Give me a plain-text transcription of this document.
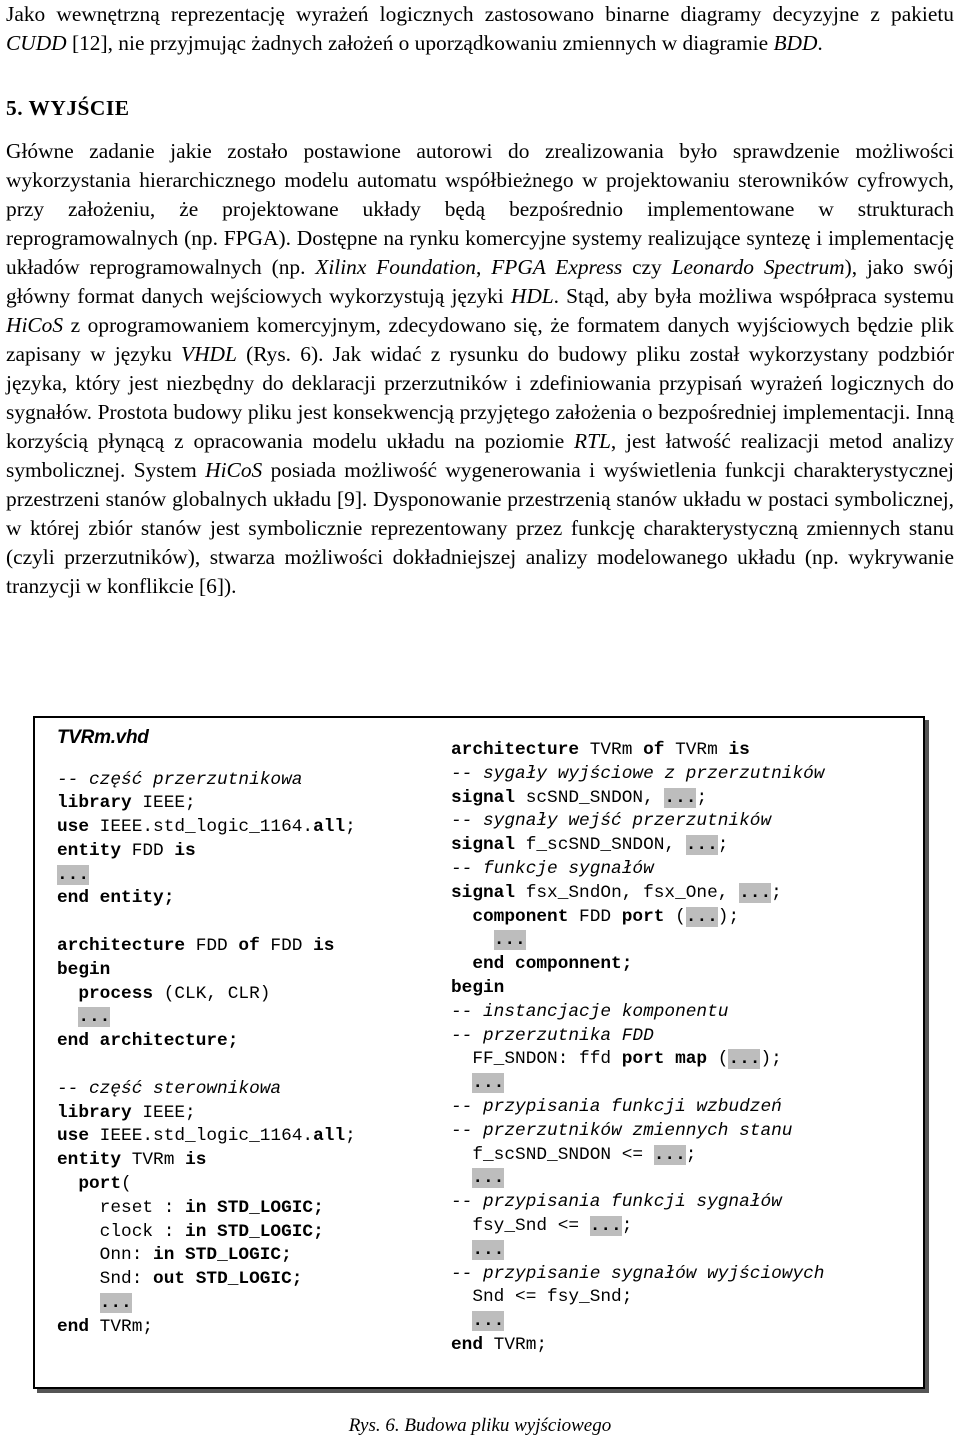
Jako wewnętrzną reprezentację wyrażeń logicznych zastosowano binarne diagramy decyzyjne z pakietu CUDD [12], nie przyjmując żadnych założeń o uporządkowaniu zmiennych w diagramie BDD.

5. WYJŚCIE

Główne zadanie jakie zostało postawione autorowi do zrealizowania było sprawdzenie możliwości wykorzystania hierarchicznego modelu automatu współbieżnego w projektowaniu sterowników cyfrowych, przy założeniu, że projektowane układy będą bezpośrednio implementowane w strukturach reprogramowalnych (np. FPGA). Dostępne na rynku komercyjne systemy realizujące syntezę i implementację układów reprogramowalnych (np. Xilinx Foundation, FPGA Express czy Leonardo Spectrum), jako swój główny format danych wejściowych wykorzystują języki HDL. Stąd, aby była możliwa współpraca systemu HiCoS z oprogramowaniem komercyjnym, zdecydowano się, że formatem danych wyjściowych będzie plik zapisany w języku VHDL (Rys. 6). Jak widać z rysunku do budowy pliku został wykorzystany podzbiór języka, który jest niezbędny do deklaracji przerzutników i zdefiniowania przypisań wyrażeń logicznych do sygnałów. Prostota budowy pliku jest konsekwencją przyjętego założenia o bezpośredniej implementacji. Inną korzyścią płynącą z opracowania modelu układu na poziomie RTL, jest łatwość realizacji metod analizy symbolicznej. System HiCoS posiada możliwość wygenerowania i wyświetlenia funkcji charakterystycznej przestrzeni stanów globalnych układu [9]. Dysponowanie przestrzenią stanów układu w postaci symbolicznej, w której zbiór stanów jest symbolicznie reprezentowany przez funkcję charakterystyczną zmiennych stanu (czyli przerzutników), stwarza możliwości dokładniejszej analizy modelowanego układu (np. wykrywanie tranzycji w konflikcie [6]).

TVRm.vhd
-- część przerzutnikowa
library IEEE;
use IEEE.std_logic_1164.all;
entity FDD is
...
end entity;
architecture FDD of FDD is
begin
process (CLK, CLR)
...
end architecture;
-- część sterownikowa
library IEEE;
use IEEE.std_logic_1164.all;
entity TVRm is
port(
reset : in STD_LOGIC;
clock : in STD_LOGIC;
Onn: in STD_LOGIC;
Snd: out STD_LOGIC;
...
end TVRm;
architecture TVRm of TVRm is
-- sygały wyjściowe z przerzutników
signal scSND_SNDON, ...;
-- sygnały wejść przerzutników
signal f_scSND_SNDON, ...;
-- funkcje sygnałów
signal fsx_SndOn, fsx_One, ...;
component FDD port (...);
...
end componnent;
begin
-- instancjacje komponentu
-- przerzutnika FDD
FF_SNDON: ffd port map (...);
...
-- przypisania funkcji wzbudzeń
-- przerzutników zmiennych stanu
f_scSND_SNDON <= ...;
...
-- przypisania funkcji sygnałów
fsy_Snd <= ...;
...
-- przypisanie sygnałów wyjściowych
Snd <= fsy_Snd;
...
end TVRm;

Rys. 6. Budowa pliku wyjściowego
